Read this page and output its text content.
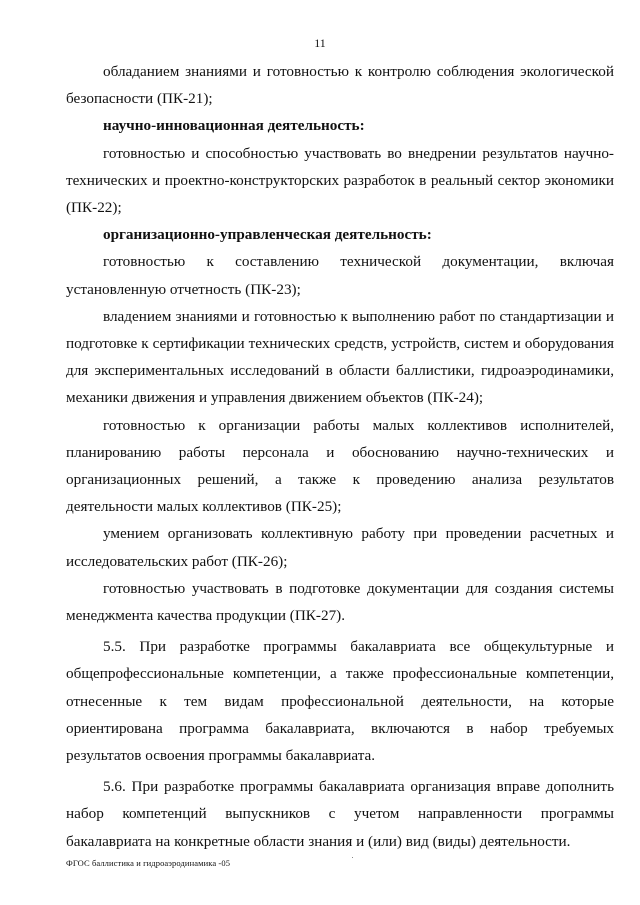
11

обладанием знаниями и готовностью к контролю соблюдения экологической безопасности (ПК-21);

научно-инновационная деятельность:

готовностью и способностью участвовать во внедрении результатов научно-технических и проектно-конструкторских разработок в реальный сектор экономики (ПК-22);

организационно-управленческая деятельность:

готовностью к составлению технической документации, включая установленную отчетность (ПК-23);

владением знаниями и готовностью к выполнению работ по стандартизации и подготовке к сертификации технических средств, устройств, систем и оборудования для экспериментальных исследований в области баллистики, гидроаэродинамики, механики движения и управления движением объектов (ПК-24);

готовностью к организации работы малых коллективов исполнителей, планированию работы персонала и обоснованию научно-технических и организационных решений, а также к проведению анализа результатов деятельности малых коллективов (ПК-25);

умением организовать коллективную работу при проведении расчетных и исследовательских работ (ПК-26);

готовностью участвовать в подготовке документации для создания системы менеджмента качества продукции (ПК-27).

5.5. При разработке программы бакалавриата все общекультурные и общепрофессиональные компетенции, а также профессиональные компетенции, отнесенные к тем видам профессиональной деятельности, на которые ориентирована программа бакалавриата, включаются в набор требуемых результатов освоения программы бакалавриата.

5.6. При разработке программы бакалавриата организация вправе дополнить набор компетенций выпускников с учетом направленности программы бакалавриата на конкретные области знания и (или) вид (виды) деятельности.

ФГОС баллистика и гидроаэродинамика -05
